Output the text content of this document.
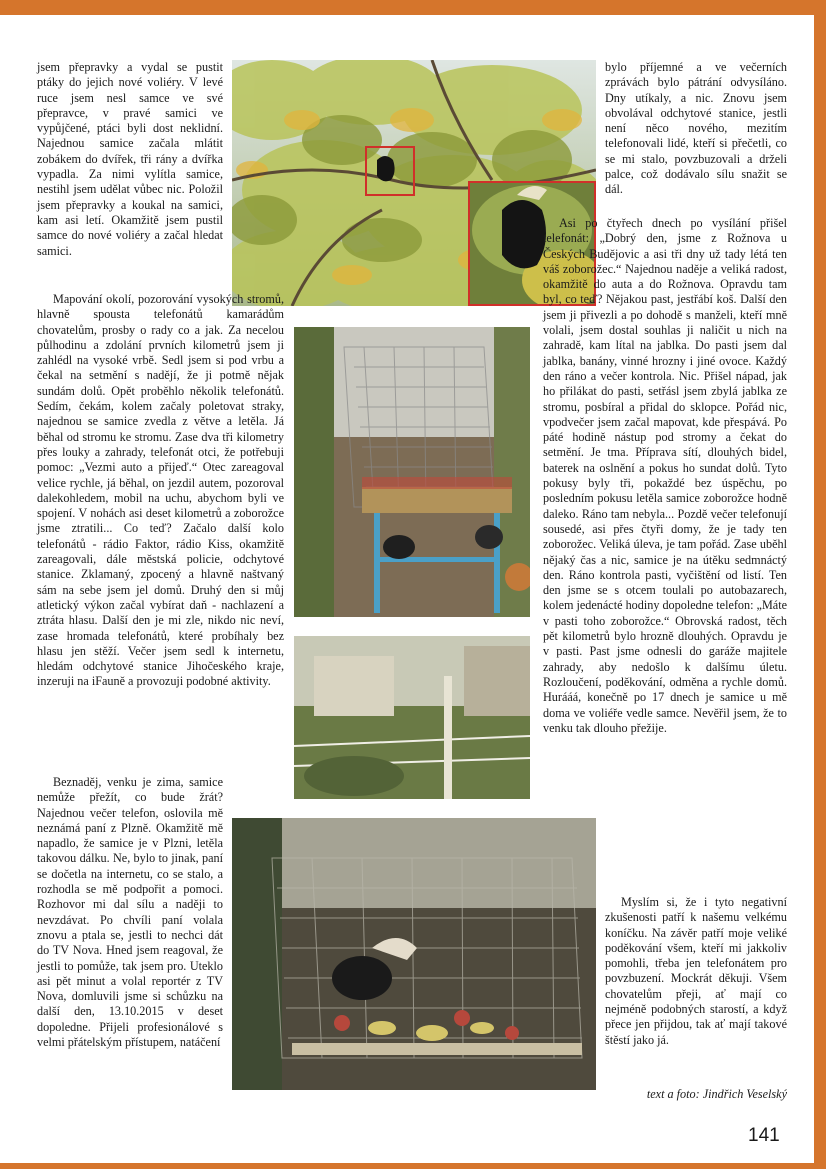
jsem přepravky a vydal se pustit ptáky do jejich nové voliéry. V levé ruce jsem nesl samce ve své přepravce, v pravé samici ve vypůjčené, ptáci byli dost neklidní. Najednou samice začala mlátit zobákem do dvířek, tři rány a dvířka vypadla. Za nimi vylítla samice, nestihl jsem udělat vůbec nic. Položil jsem přepravky a koukal na samici, kam asi letí. Okamžitě jsem pustil samce do nové voliéry a začal hledat samici.

Mapování okolí, pozorování vysokých stromů, hlavně spousta telefonátů kamarádům chovatelům, prosby o rady co a jak. Za necelou půlhodinu a zdolání prvních kilometrů jsem ji zahlédl na vysoké vrbě. Sedl jsem si pod vrbu a čekal na setmění s nadějí, že ji potmě nějak sundám dolů. Opět proběhlo několik telefonátů. Sedím, čekám, kolem začaly poletovat straky, najednou se samice zvedla z větve a letěla. Já běhal od stromu ke stromu. Zase dva tři kilometry přes louky a zahrady, telefonát otci, že potřebuji pomoc: „Vezmi auto a přijeď.“ Otec zareagoval velice rychle, já běhal, on jezdil autem, pozoroval dalekohledem, mobil na uchu, abychom byli ve spojení. V nohách asi deset kilometrů a zoborožce jsme ztratili... Co teď? Začalo další kolo telefonátů - rádio Faktor, rádio Kiss, okamžitě zareagovali, dále městská policie, odchytové stanice. Zklamaný, zpocený a hlavně naštvaný sám na sebe jsem jel domů. Druhý den si můj atletický výkon začal vybírat daň - nachlazení a ztráta hlasu. Další den je mi zle, nikdo nic neví, zase hromada telefonátů, které probíhaly bez hlasu jen stěží. Večer jsem sedl k internetu, hledám odchytové stanice Jihočeského kraje, inzeruji na iFauně a provozuji podobné aktivity.

Beznaděj, venku je zima, samice nemůže přežít, co bude žrát? Najednou večer telefon, oslovila mě neznámá paní z Plzně. Okamžitě mě napadlo, že samice je v Plzni, letěla takovou dálku. Ne, bylo to jinak, paní se dočetla na internetu, co se stalo, a rozhodla se mě podpořit a pomoci. Rozhovor mi dal sílu a naději to nevzdávat. Po chvíli paní volala znovu a ptala se, jestli to nechci dát do TV Nova. Hned jsem reagoval, že jestli to pomůže, tak jsem pro. Uteklo asi pět minut a volal reportér z TV Nova, domluvili jsme si schůzku na další den, 13.10.2015 v deset dopoledne. Přijeli profesionálové s velmi přátelským přístupem, natáčení

bylo příjemné a ve večerních zprávách bylo pátrání odvysíláno. Dny utíkaly, a nic. Znovu jsem obvolával odchytové stanice, jestli není něco nového, mezitím telefonovali lidé, kteří si přečetli, co se mi stalo, povzbuzovali a drželi palce, což dodávalo sílu snažit se dál.

Asi po čtyřech dnech po vysílání přišel telefonát: „Dobrý den, jsme z Rožnova u Českých Budějovic a asi tři dny už tady létá ten váš zoborožec.“ Najednou naděje a veliká radost, okamžitě do auta a do Rožnova. Opravdu tam byl, co teď? Nějakou past, jestřábí koš. Další den jsem ji přivezli a po dohodě s manželi, kteří mně volali, jsem dostal souhlas ji naličit u nich na zahradě, kam lítal na jablka. Do pasti jsem dal jablka, banány, vinné hrozny i jiné ovoce. Každý den ráno a večer kontrola. Nic. Přišel nápad, jak ho přilákat do pasti, setřásl jsem zbylá jablka ze stromu, posbíral a přidal do sklopce. Pořád nic, vpodvečer jsem začal mapovat, kde přespává. Po páté hodině nástup pod stromy a čekat do setmění. Je tma. Příprava sítí, dlouhých bidel, baterek na oslnění a pokus ho sundat dolů. Tyto pokusy byly tři, pokaždé bez úspěchu, po posledním pokusu letěla samice zoborožce hodně daleko. Ráno tam nebyla... Pozdě večer telefonují sousedé, asi přes čtyři domy, že je tady ten zoborožec. Veliká úleva, je tam pořád. Zase uběhl nějaký čas a nic, samice je na útěku sedmnáctý den. Ráno kontrola pasti, vyčištění od listí. Ten den jsme se s otcem toulali po autobazarech, kolem jedenácté hodiny dopoledne telefon: „Máte v pasti toho zoborožce.“ Obrovská radost, těch pět kilometrů bylo hrozně dlouhých. Opravdu je v pasti. Past jsme odnesli do garáže majitele zahrady, aby nedošlo k dalšímu úletu. Rozloučení, poděkování, odměna a rychle domů. Hurááá, konečně po 17 dnech je samice u mě doma ve voliéře vedle samce. Nevěřil jsem, že to venku tak dlouho přežije.

Myslím si, že i tyto negativní zkušenosti patří k našemu velkému koníčku. Na závěr patří moje veliké poděkování všem, kteří mi jakkoliv pomohli, třeba jen telefonátem pro povzbuzení. Mockrát děkuji. Všem chovatelům přeji, ať mají co nejméně podobných starostí, a když přece jen přijdou, tak ať mají takové štěstí jako já.

text a foto: Jindřich Veselský
141
